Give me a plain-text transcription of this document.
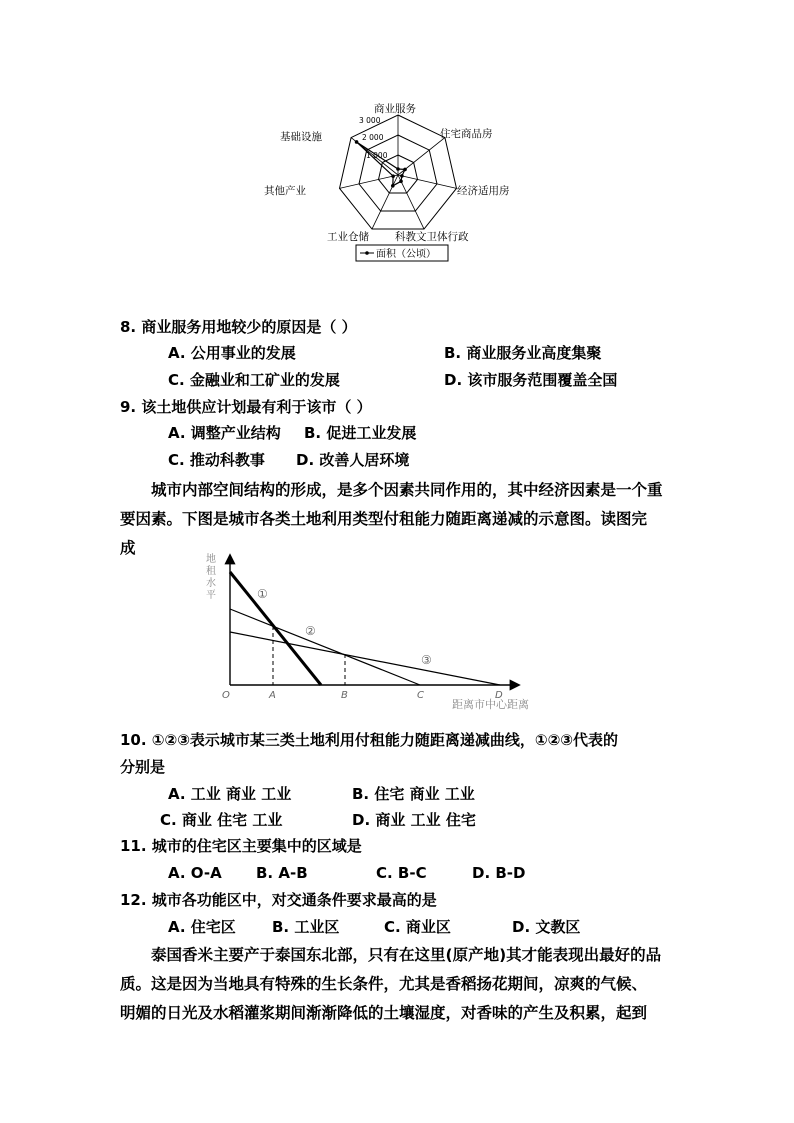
3 000
2 000
1 000
商业服务
住宅商品房
经济适用房
科教文卫体行政
工业仓储
其他产业
基础设施
面积（公顷）
8. 商业服务用地较少的原因是（ ）
A. 公用事业的发展	B. 商业服务业高度集聚
C. 金融业和工矿业的发展	D. 该市服务范围覆盖全国
9. 该土地供应计划最有利于该市（ ）
A. 调整产业结构 B. 促进工业发展
C. 推动科教事 D. 改善人居环境
城市内部空间结构的形成，是多个因素共同作用的，其中经济因素是一个重
要因素。下图是城市各类土地利用类型付租能力随距离递减的示意图。读图完
成
地
租
水
平	①
②
③
O	A	B	C	D
距离市中心距离
10. ①②③表示城市某三类土地利用付租能力随距离递减曲线，①②③代表的
分别是
A. 工业 商业 工业	B. 住宅 商业 工业
C. 商业 住宅 工业	D. 商业 工业 住宅
11. 城市的住宅区主要集中的区域是
A. O-A B. A-B	C. B-C	D. B-D
12. 城市各功能区中，对交通条件要求最高的是
A. 住宅区 B. 工业区	C. 商业区	D. 文教区
泰国香米主要产于泰国东北部，只有在这里(原产地)其才能表现出最好的品
质。这是因为当地具有特殊的生长条件，尤其是香稻扬花期间，凉爽的气候、
明媚的日光及水稻灌浆期间渐渐降低的土壤湿度，对香味的产生及积累，起到
